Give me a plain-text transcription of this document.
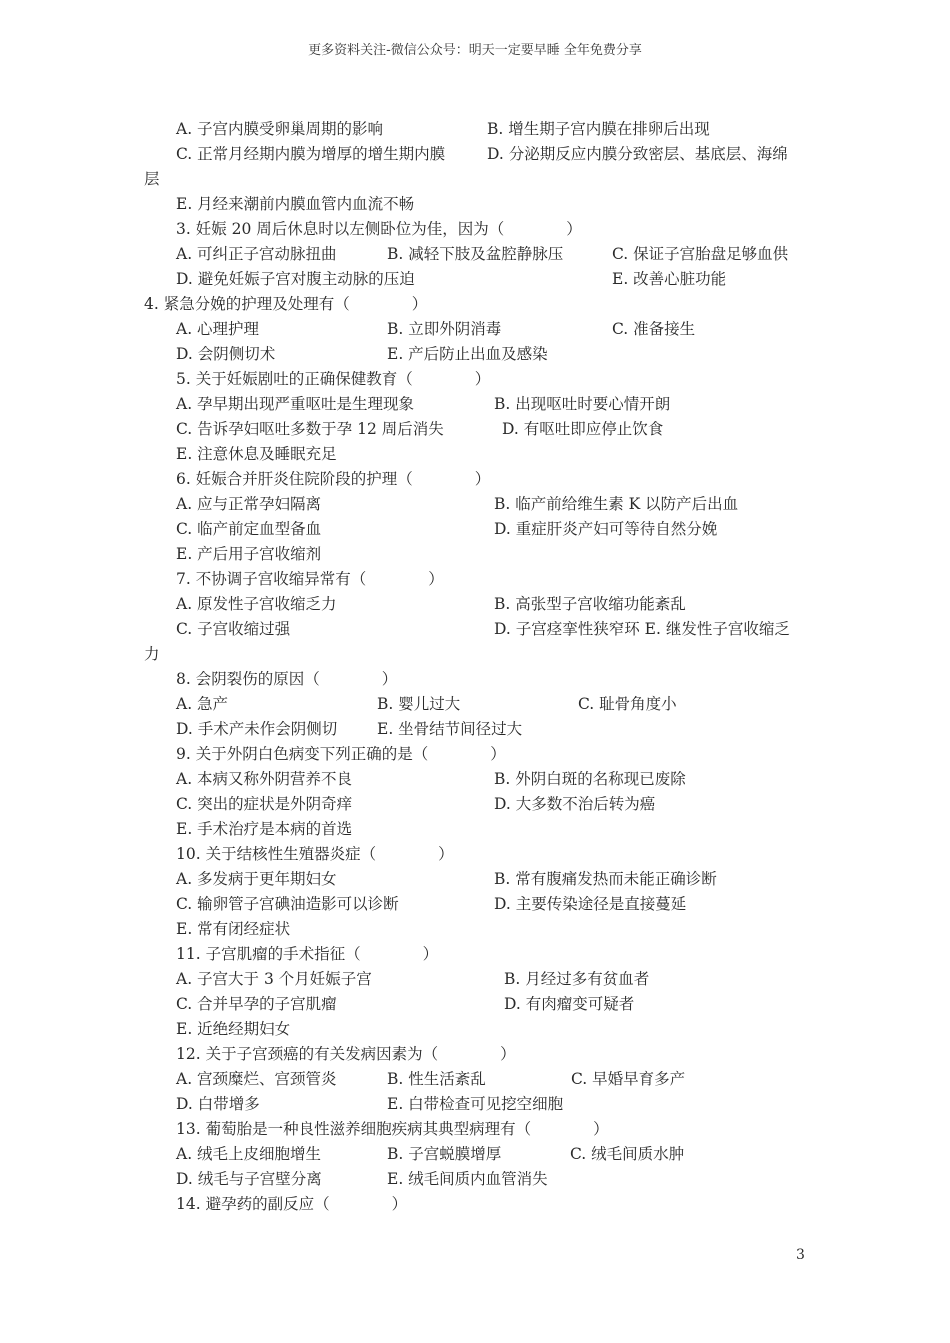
更多资料关注-微信公众号：明天一定要早睡 全年免费分享
A. 子宫内膜受卵巢周期的影响	B. 增生期子宫内膜在排卵后出现
C. 正常月经期内膜为增厚的增生期内膜	D. 分泌期反应内膜分致密层、基底层、海绵
层
E. 月经来潮前内膜血管内血流不畅
3. 妊娠 20 周后休息时以左侧卧位为佳，因为（　　　　）
A. 可纠正子宫动脉扭曲	B. 减轻下肢及盆腔静脉压	C. 保证子宫胎盘足够血供
D. 避免妊娠子宫对腹主动脉的压迫	E. 改善心脏功能
4. 紧急分娩的护理及处理有（　　　　）
A. 心理护理	B. 立即外阴消毒	C. 准备接生
D. 会阴侧切术	E. 产后防止出血及感染
5. 关于妊娠剧吐的正确保健教育（　　　　）
A. 孕早期出现严重呕吐是生理现象	B. 出现呕吐时要心情开朗
C. 告诉孕妇呕吐多数于孕 12 周后消失	D. 有呕吐即应停止饮食
E. 注意休息及睡眠充足
6. 妊娠合并肝炎住院阶段的护理（　　　　）
A. 应与正常孕妇隔离	B. 临产前给维生素 K 以防产后出血
C. 临产前定血型备血	D. 重症肝炎产妇可等待自然分娩
E. 产后用子宫收缩剂
7. 不协调子宫收缩异常有（　　　　）
A. 原发性子宫收缩乏力	B. 高张型子宫收缩功能紊乱
C. 子宫收缩过强	D. 子宫痉挛性狭窄环 E. 继发性子宫收缩乏
力
8. 会阴裂伤的原因（　　　　）
A. 急产	B. 婴儿过大	C. 耻骨角度小
D. 手术产未作会阴侧切	E. 坐骨结节间径过大
9. 关于外阴白色病变下列正确的是（　　　　）
A. 本病又称外阴营养不良	B. 外阴白斑的名称现已废除
C. 突出的症状是外阴奇痒	D. 大多数不治后转为癌
E. 手术治疗是本病的首选
10. 关于结核性生殖器炎症（　　　　）
A. 多发病于更年期妇女	B. 常有腹痛发热而未能正确诊断
C. 输卵管子宫碘油造影可以诊断	D. 主要传染途径是直接蔓延
E. 常有闭经症状
11. 子宫肌瘤的手术指征（　　　　）
A. 子宫大于 3 个月妊娠子宫	B. 月经过多有贫血者
C. 合并早孕的子宫肌瘤	D. 有肉瘤变可疑者
E. 近绝经期妇女
12. 关于子宫颈癌的有关发病因素为（　　　　）
A. 宫颈糜烂、宫颈管炎	B. 性生活紊乱	C. 早婚早育多产
D. 白带增多	E. 白带检查可见挖空细胞
13. 葡萄胎是一种良性滋养细胞疾病其典型病理有（　　　　）
A. 绒毛上皮细胞增生	B. 子宫蜕膜增厚	C. 绒毛间质水肿
D. 绒毛与子宫壁分离	E. 绒毛间质内血管消失
14. 避孕药的副反应（　　　　）
3
